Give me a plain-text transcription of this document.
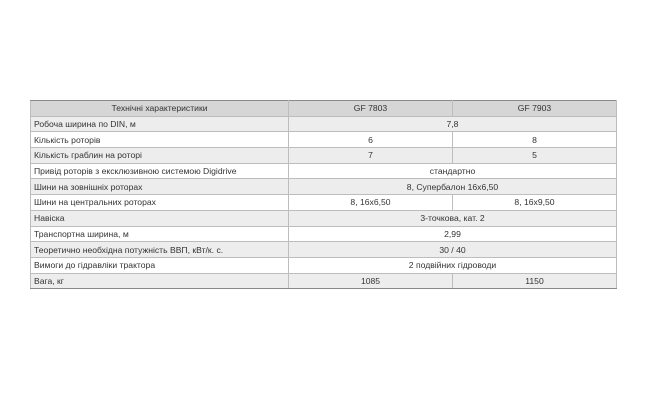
Технічні характеристики	GF 7803	GF 7903
Робоча ширина по DIN, м	7,8	
Кількість роторів	6	8
Кількість граблин на роторі	7	5
Привід роторів з ексклюзивною системою Digidrive	стандартно	
Шини на зовнішніх роторах	8, Супербалон 16x6,50	
Шини на центральних роторах	8, 16x6,50	8, 16x9,50
Навіска	3-точкова, кат. 2	
Транспортна ширина, м	2,99	
Теоретично необхідна потужність ВВП, кВт/к. с.	30 / 40	
Вимоги до гідравліки трактора	2 подвійних гідроводи	
Вага, кг	1085	1150
